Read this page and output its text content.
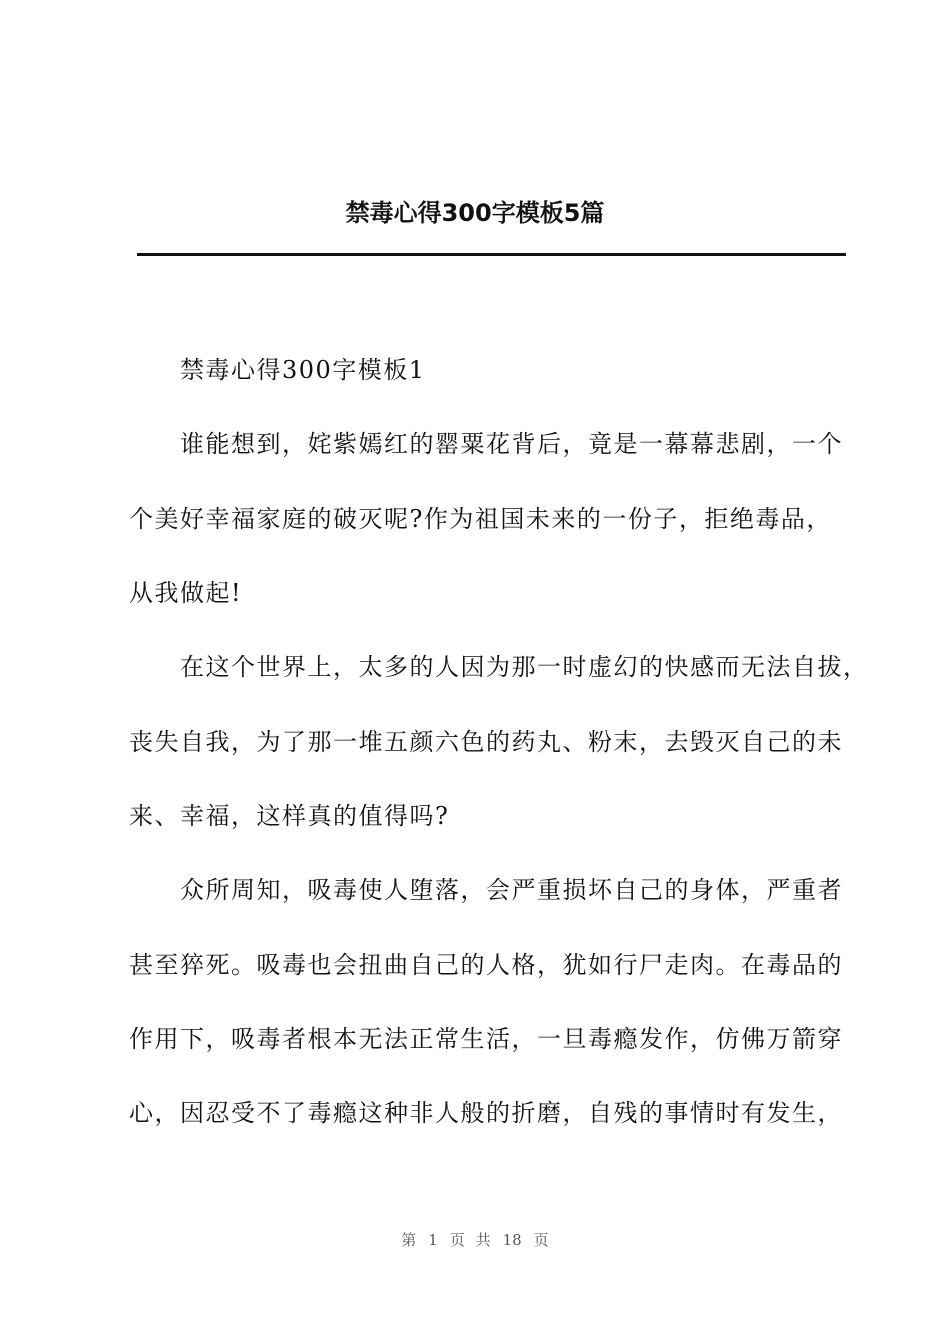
禁毒心得300字模板5篇
禁毒心得300字模板1
谁能想到，姹紫嫣红的罂粟花背后，竟是一幕幕悲剧，一个
个美好幸福家庭的破灭呢?作为祖国未来的一份子，拒绝毒品，
从我做起!
在这个世界上，太多的人因为那一时虚幻的快感而无法自拔，
丧失自我，为了那一堆五颜六色的药丸、粉末，去毁灭自己的未
来、幸福，这样真的值得吗?
众所周知，吸毒使人堕落，会严重损坏自己的身体，严重者
甚至猝死。吸毒也会扭曲自己的人格，犹如行尸走肉。在毒品的
作用下，吸毒者根本无法正常生活，一旦毒瘾发作，仿佛万箭穿
心，因忍受不了毒瘾这种非人般的折磨，自残的事情时有发生，
第 1 页 共 18 页
